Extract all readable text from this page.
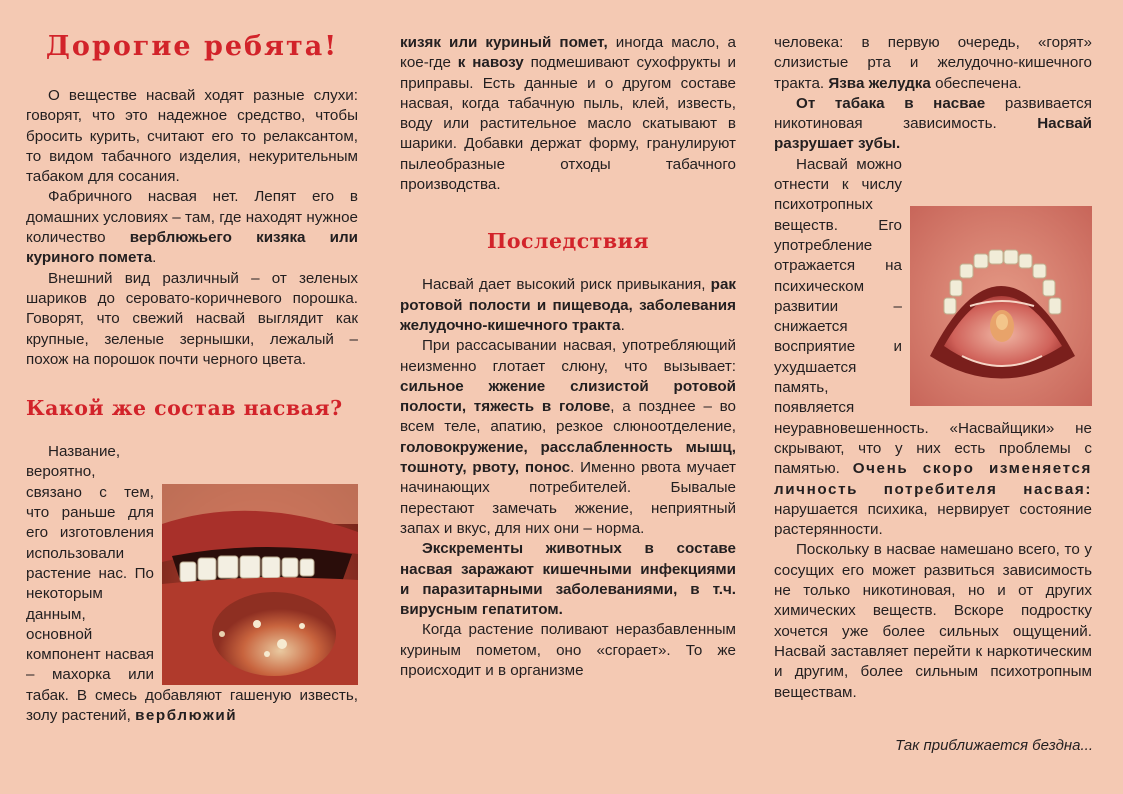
Дорогие ребята!

О веществе насвай ходят разные слухи: говорят, что это надежное средство, чтобы бросить курить, считают его то релаксантом, то видом табачного изделия, некурительным табаком для сосания.

Фабричного насвая нет. Лепят его в домашних условиях – там, где находят нужное количество верблюжьего кизяка или куриного помета.

Внешний вид различный – от зеленых шариков до серовато-коричневого порошка. Говорят, что свежий насвай выглядит как крупные, зеленые зернышки, лежалый – похож на порошок почти черного цвета.

Какой же состав насвая?

Название, вероятно, связано с тем, что раньше для его изготовления использовали растение нас. По некоторым данным, основной компонент насвая – махорка или табак. В смесь добавляют гашеную известь, золу растений, верблюжий

кизяк или куриный помет, иногда масло, а кое-где к навозу подмешивают сухофрукты и приправы. Есть данные и о другом составе насвая, когда табачную пыль, клей, известь, воду или растительное масло скатывают в шарики. Добавки держат форму, гранулируют пылеобразные отходы табачного производства.

Последствия

Насвай дает высокий риск привыкания, рак ротовой полости и пищевода, заболевания желудочно-кишечного тракта.

При рассасывании насвая, употребляющий неизменно глотает слюну, что вызывает: сильное жжение слизистой ротовой полости, тяжесть в голове, а позднее – во всем теле, апатию, резкое слюноотделение, головокружение, расслабленность мышц, тошноту, рвоту, понос. Именно рвота мучает начинающих потребителей. Бывалые перестают замечать жжение, неприятный запах и вкус, для них они – норма.

Экскременты животных в составе насвая заражают кишечными инфекциями и паразитарными заболеваниями, в т.ч. вирусным гепатитом.

Когда растение поливают неразбавленным куриным пометом, оно «сгорает». То же происходит и в организме

человека: в первую очередь, «горят» слизистые рта и желудочно-кишечного тракта. Язва желудка обеспечена.

От табака в насвае развивается никотиновая зависимость. Насвай разрушает зубы.

Насвай можно отнести к числу психотропных веществ. Его употребление отражается на психическом развитии – снижается восприятие и ухудшается память, появляется неуравновешенность. «Насвайщики» не скрывают, что у них есть проблемы с памятью. Очень скоро изменяется личность потребителя насвая: нарушается психика, нервирует состояние растерянности.

Поскольку в насвае намешано всего, то у сосущих его может развиться зависимость не только никотиновая, но и от других химических веществ. Вскоре подростку хочется уже более сильных ощущений. Насвай заставляет перейти к наркотическим и другим, более сильным психотропным веществам.

Так приближается бездна...
